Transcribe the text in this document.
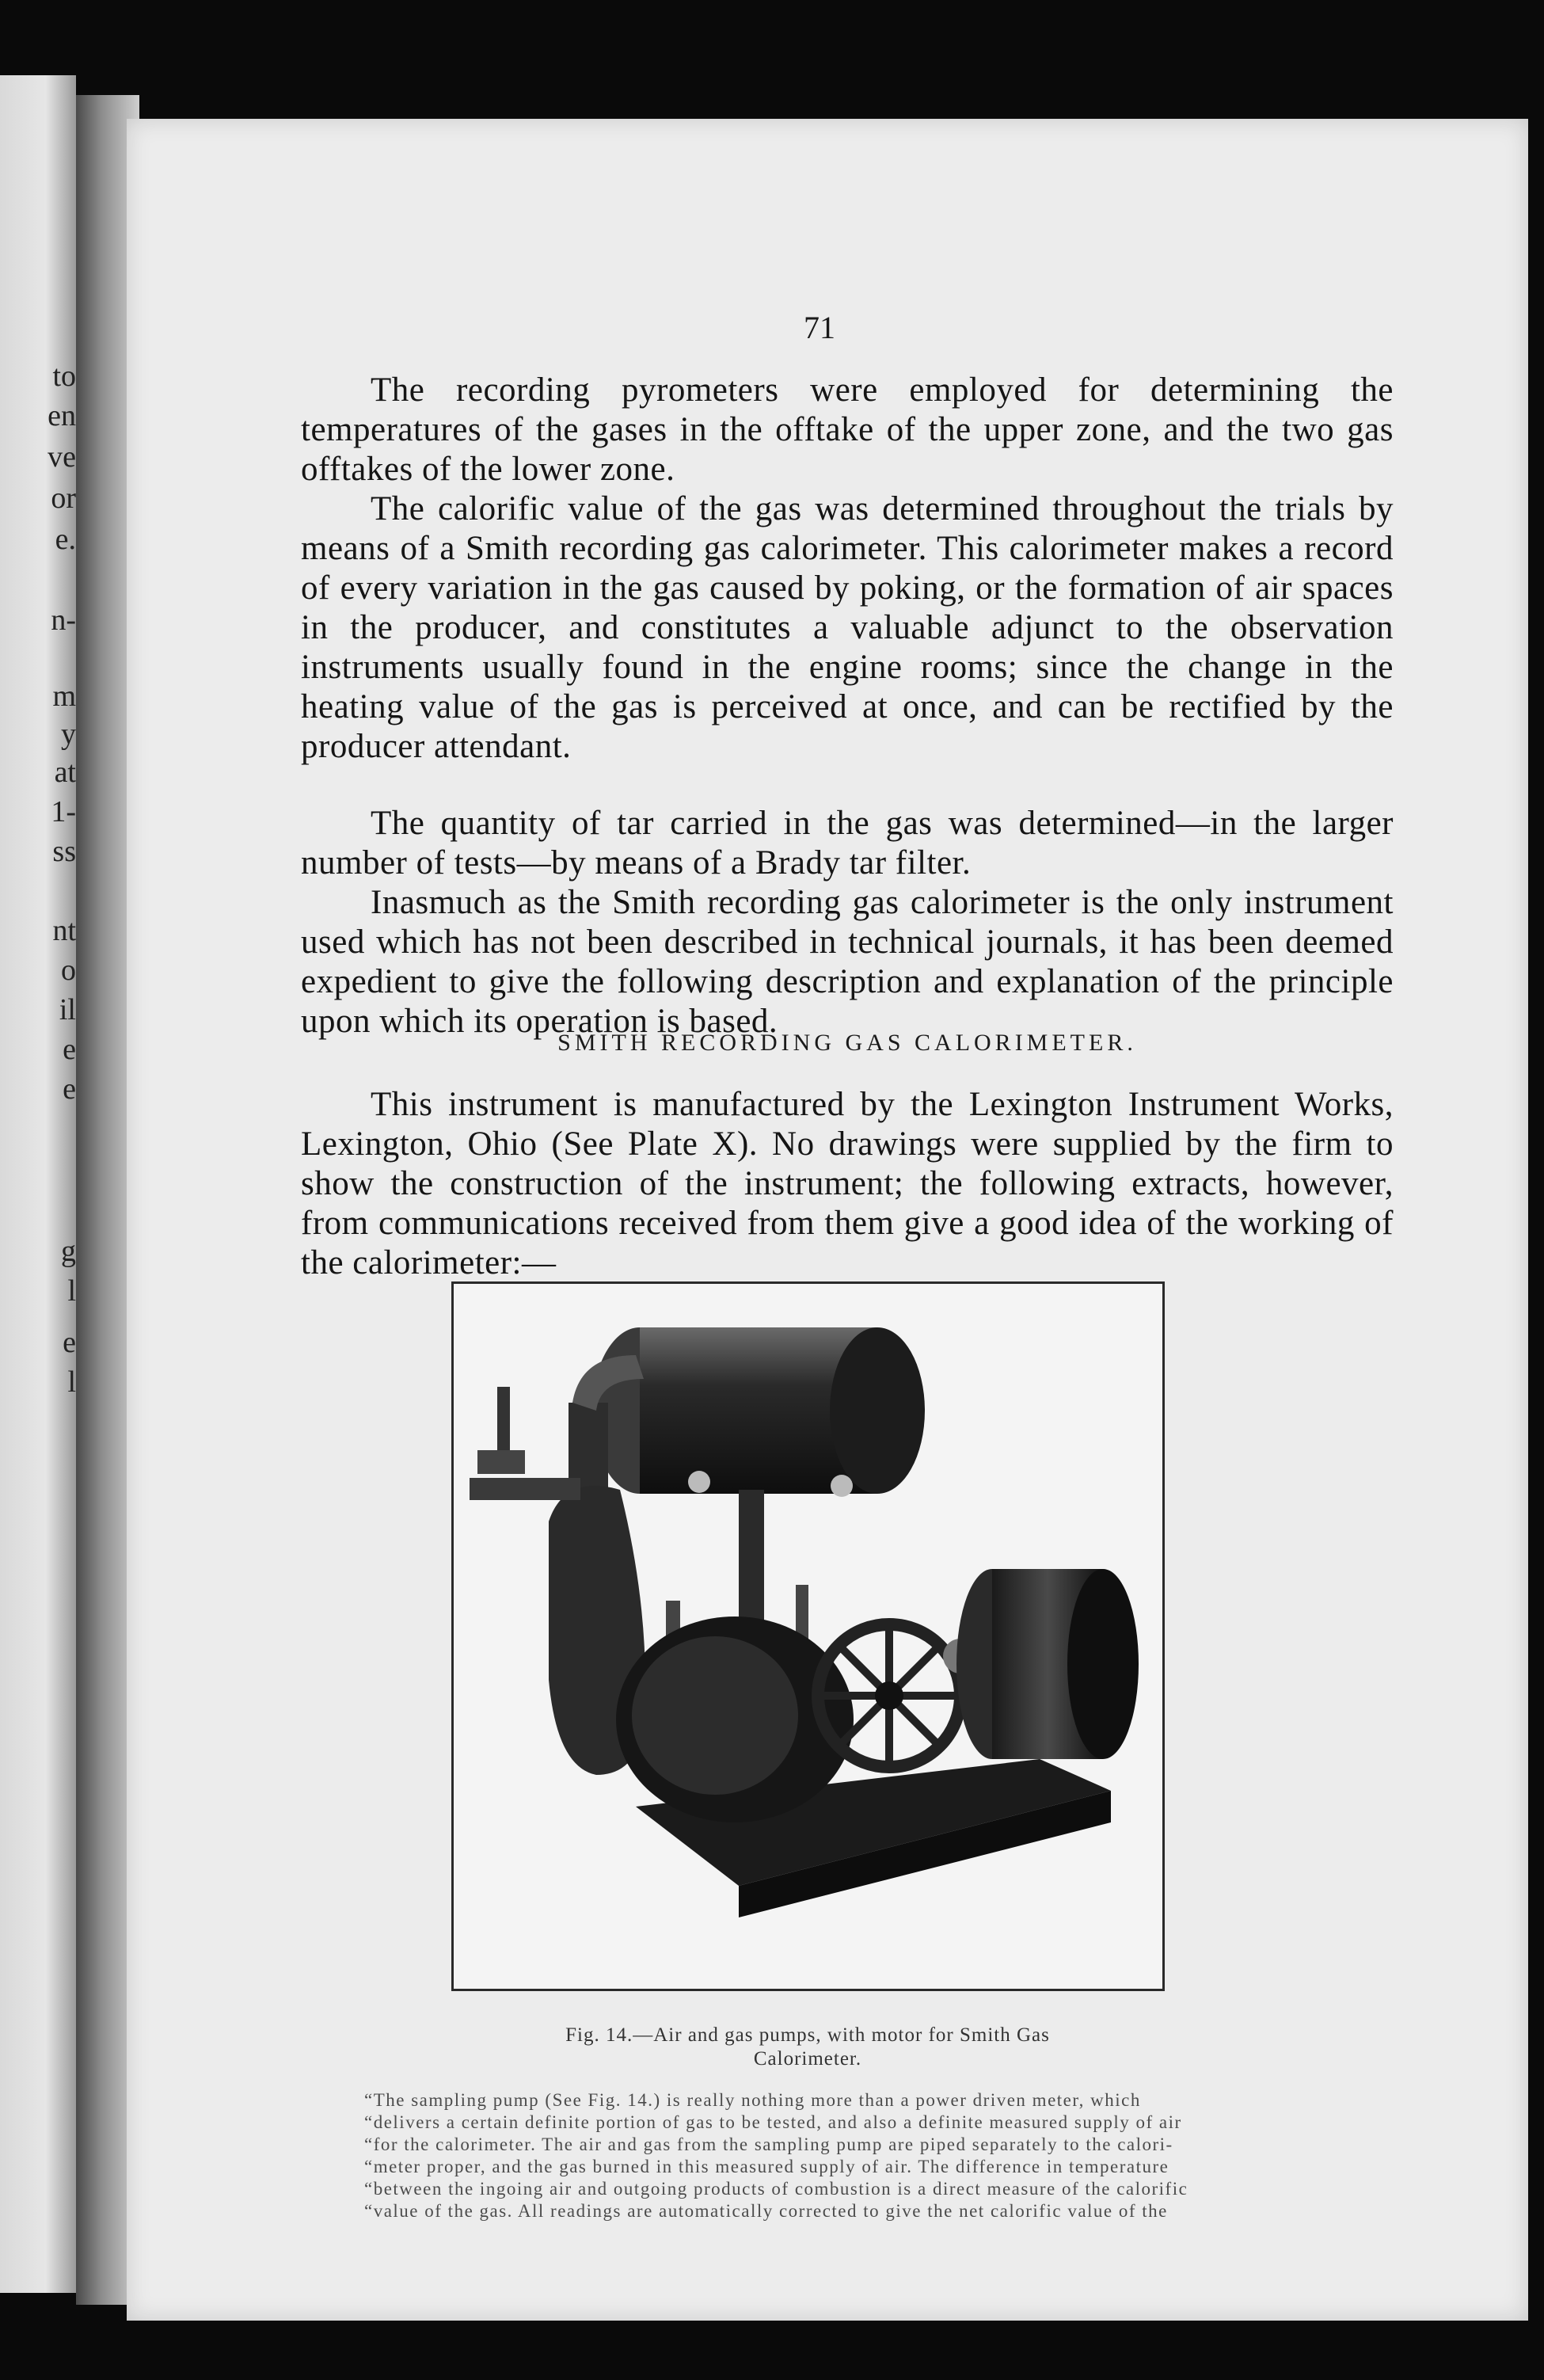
to
en
ve
or
e.
n-
m
y
at
1-
ss
nt
o
il
e
e
g
l
e
l
71

The recording pyrometers were employed for determining the temperatures of the gases in the offtake of the upper zone, and the two gas offtakes of the lower zone.

The calorific value of the gas was determined throughout the trials by means of a Smith recording gas calorimeter. This calorimeter makes a record of every variation in the gas caused by poking, or the formation of air spaces in the producer, and constitutes a valuable adjunct to the observation instruments usually found in the engine rooms; since the change in the heating value of the gas is perceived at once, and can be rectified by the producer attendant.

The quantity of tar carried in the gas was determined—in the larger number of tests—by means of a Brady tar filter.

Inasmuch as the Smith recording gas calorimeter is the only instrument used which has not been described in technical journals, it has been deemed expedient to give the following description and explanation of the principle upon which its operation is based.

SMITH RECORDING GAS CALORIMETER.

This instrument is manufactured by the Lexington Instrument Works, Lexington, Ohio (See Plate X). No drawings were supplied by the firm to show the construction of the instrument; the following extracts, however, from communications received from them give a good idea of the working of the calorimeter:—

Fig. 14.—Air and gas pumps, with motor for Smith Gas
Calorimeter.
“The sampling pump (See Fig. 14.) is really nothing more than a power driven meter, which
“delivers a certain definite portion of gas to be tested, and also a definite measured supply of air
“for the calorimeter. The air and gas from the sampling pump are piped separately to the calori-
“meter proper, and the gas burned in this measured supply of air. The difference in temperature
“between the ingoing air and outgoing products of combustion is a direct measure of the calorific
“value of the gas. All readings are automatically corrected to give the net calorific value of the
